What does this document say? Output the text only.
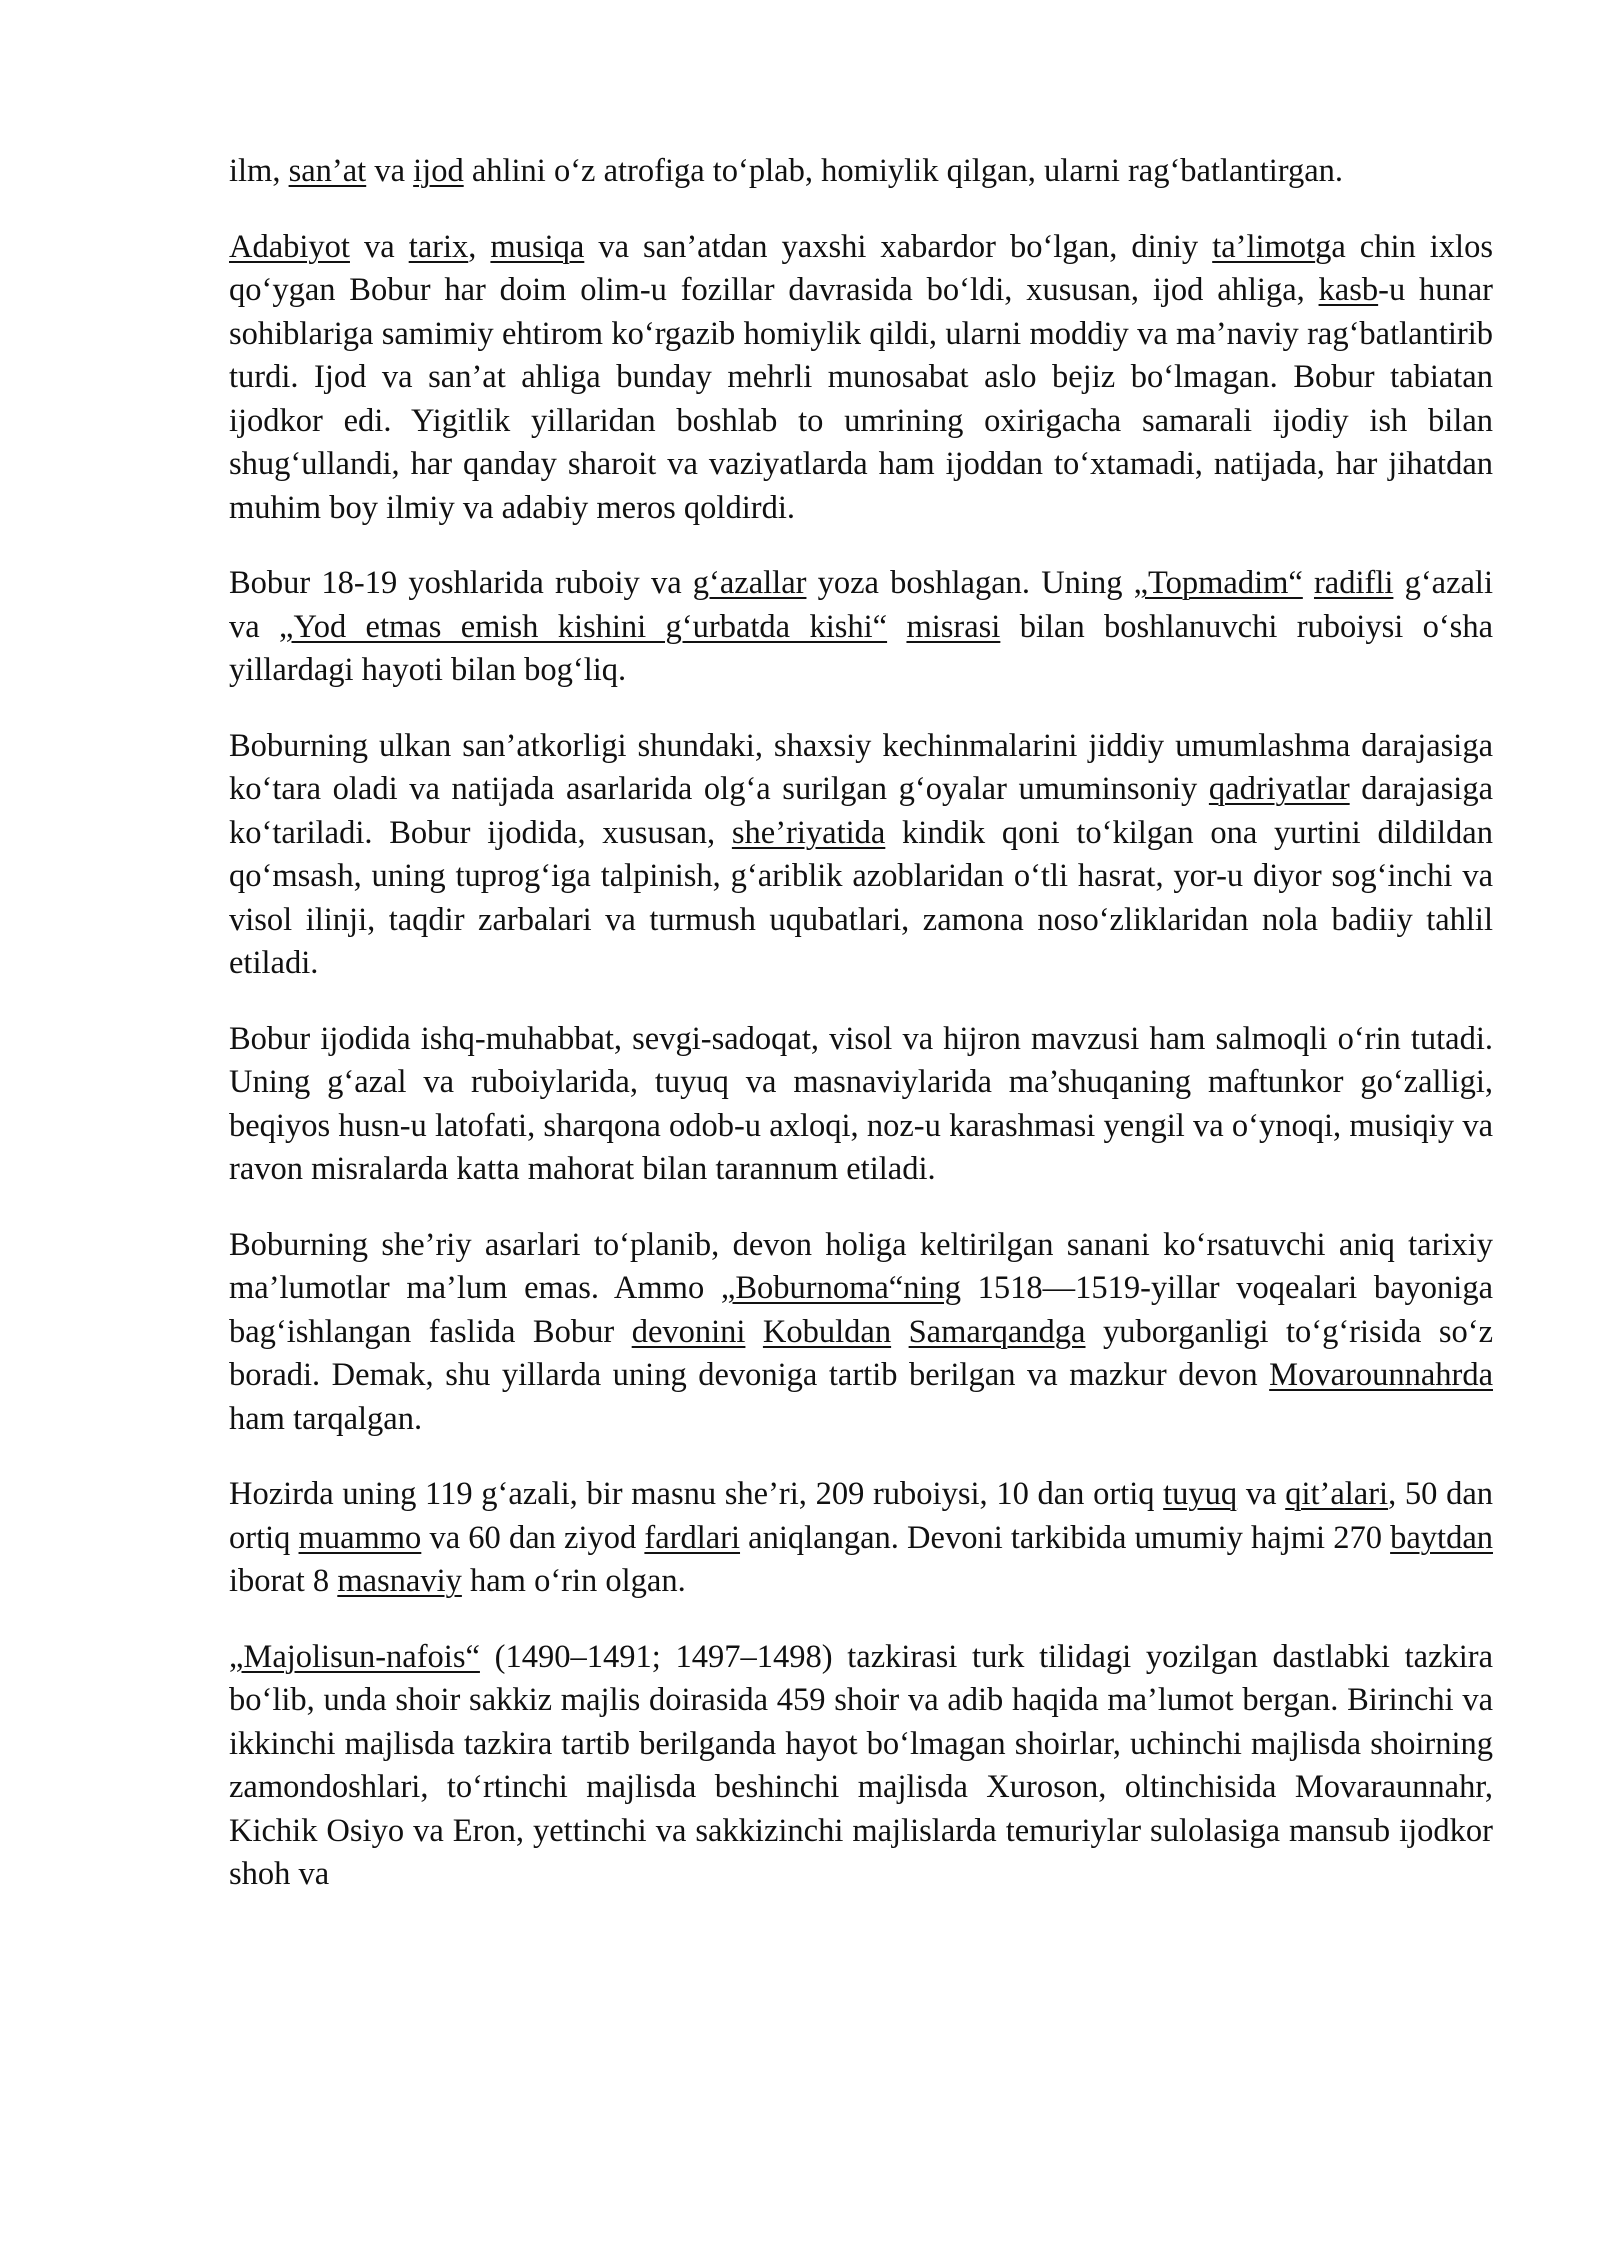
ilm, san’at va ijod ahlini o‘z atrofiga to‘plab, homiylik qilgan, ularni rag‘batlantirgan.

Adabiyot va tarix, musiqa va san’atdan yaxshi xabardor bo‘lgan, diniy ta’limotga chin ixlos qo‘ygan Bobur har doim olim-u fozillar davrasida bo‘ldi, xususan, ijod ahliga, kasb-u hunar sohiblariga samimiy ehtirom ko‘rgazib homiylik qildi, ularni moddiy va ma’naviy rag‘batlantirib turdi. Ijod va san’at ahliga bunday mehrli munosabat aslo bejiz bo‘lmagan. Bobur tabiatan ijodkor edi. Yigitlik yillaridan boshlab to umrining oxirigacha samarali ijodiy ish bilan shug‘ullandi, har qanday sharoit va vaziyatlarda ham ijoddan to‘xtamadi, natijada, har jihatdan muhim boy ilmiy va adabiy meros qoldirdi.

Bobur 18-19 yoshlarida ruboiy va g‘azallar yoza boshlagan. Uning „Topmadim“ radifli g‘azali va „Yod etmas emish kishini g‘urbatda kishi“ misrasi bilan boshlanuvchi ruboiysi o‘sha yillardagi hayoti bilan bog‘liq.

Boburning ulkan san’atkorligi shundaki, shaxsiy kechinmalarini jiddiy umumlashma darajasiga ko‘tara oladi va natijada asarlarida olg‘a surilgan g‘oyalar umuminsoniy qadriyatlar darajasiga ko‘tariladi. Bobur ijodida, xususan, she’riyatida kindik qoni to‘kilgan ona yurtini dildildan qo‘msash, uning tuprog‘iga talpinish, g‘ariblik azoblaridan o‘tli hasrat, yor-u diyor sog‘inchi va visol ilinji, taqdir zarbalari va turmush uqubatlari, zamona noso‘zliklaridan nola badiiy tahlil etiladi.

Bobur ijodida ishq-muhabbat, sevgi-sadoqat, visol va hijron mavzusi ham salmoqli o‘rin tutadi. Uning g‘azal va ruboiylarida, tuyuq va masnaviylarida ma’shuqaning maftunkor go‘zalligi, beqiyos husn-u latofati, sharqona odob-u axloqi, noz-u karashmasi yengil va o‘ynoqi, musiqiy va ravon misralarda katta mahorat bilan tarannum etiladi.

Boburning she’riy asarlari to‘planib, devon holiga keltirilgan sanani ko‘rsatuvchi aniq tarixiy ma’lumotlar ma’lum emas. Ammo „Boburnoma“ning 1518—1519-yillar voqealari bayoniga bag‘ishlangan faslida Bobur devonini Kobuldan Samarqandga yuborganligi to‘g‘risida so‘z boradi. Demak, shu yillarda uning devoniga tartib berilgan va mazkur devon Movarounnahrda ham tarqalgan.

Hozirda uning 119 g‘azali, bir masnu she’ri, 209 ruboiysi, 10 dan ortiq tuyuq va qit’alari, 50 dan ortiq muammo va 60 dan ziyod fardlari aniqlangan. Devoni tarkibida umumiy hajmi 270 baytdan iborat 8 masnaviy ham o‘rin olgan.

„Majolisun-nafois“ (1490–1491; 1497–1498) tazkirasi turk tilidagi yozilgan dastlabki tazkira bo‘lib, unda shoir sakkiz majlis doirasida 459 shoir va adib haqida ma’lumot bergan. Birinchi va ikkinchi majlisda tazkira tartib berilganda hayot bo‘lmagan shoirlar, uchinchi majlisda shoirning zamondoshlari, to‘rtinchi majlisda beshinchi majlisda Xuroson, oltinchisida Movaraunnahr, Kichik Osiyo va Eron, yettinchi va sakkizinchi majlislarda temuriylar sulolasiga mansub ijodkor shoh va
